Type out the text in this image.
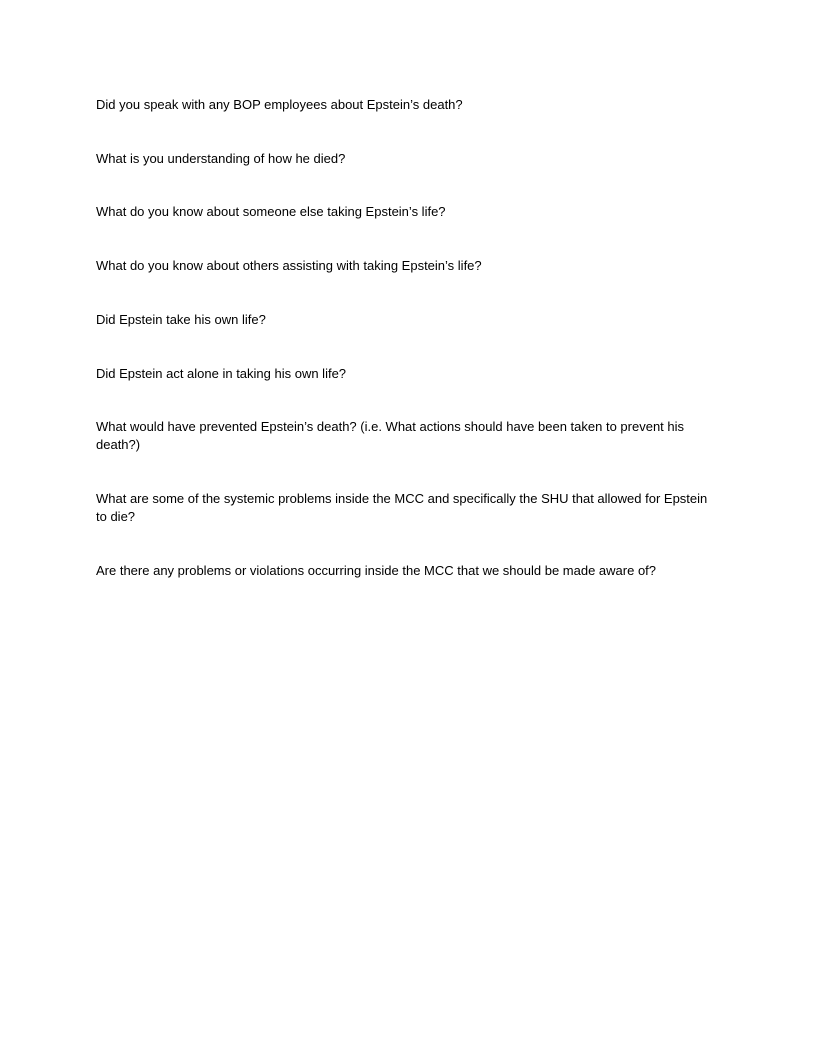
Did you speak with any BOP employees about Epstein’s death?

What is you understanding of how he died?

What do you know about someone else taking Epstein’s life?

What do you know about others assisting with taking Epstein’s life?

Did Epstein take his own life?

Did Epstein act alone in taking his own life?

What would have prevented Epstein’s death? (i.e. What actions should have been taken to prevent his death?)

What are some of the systemic problems inside the MCC and specifically the SHU that allowed for Epstein to die?

Are there any problems or violations occurring inside the MCC that we should be made aware of?
